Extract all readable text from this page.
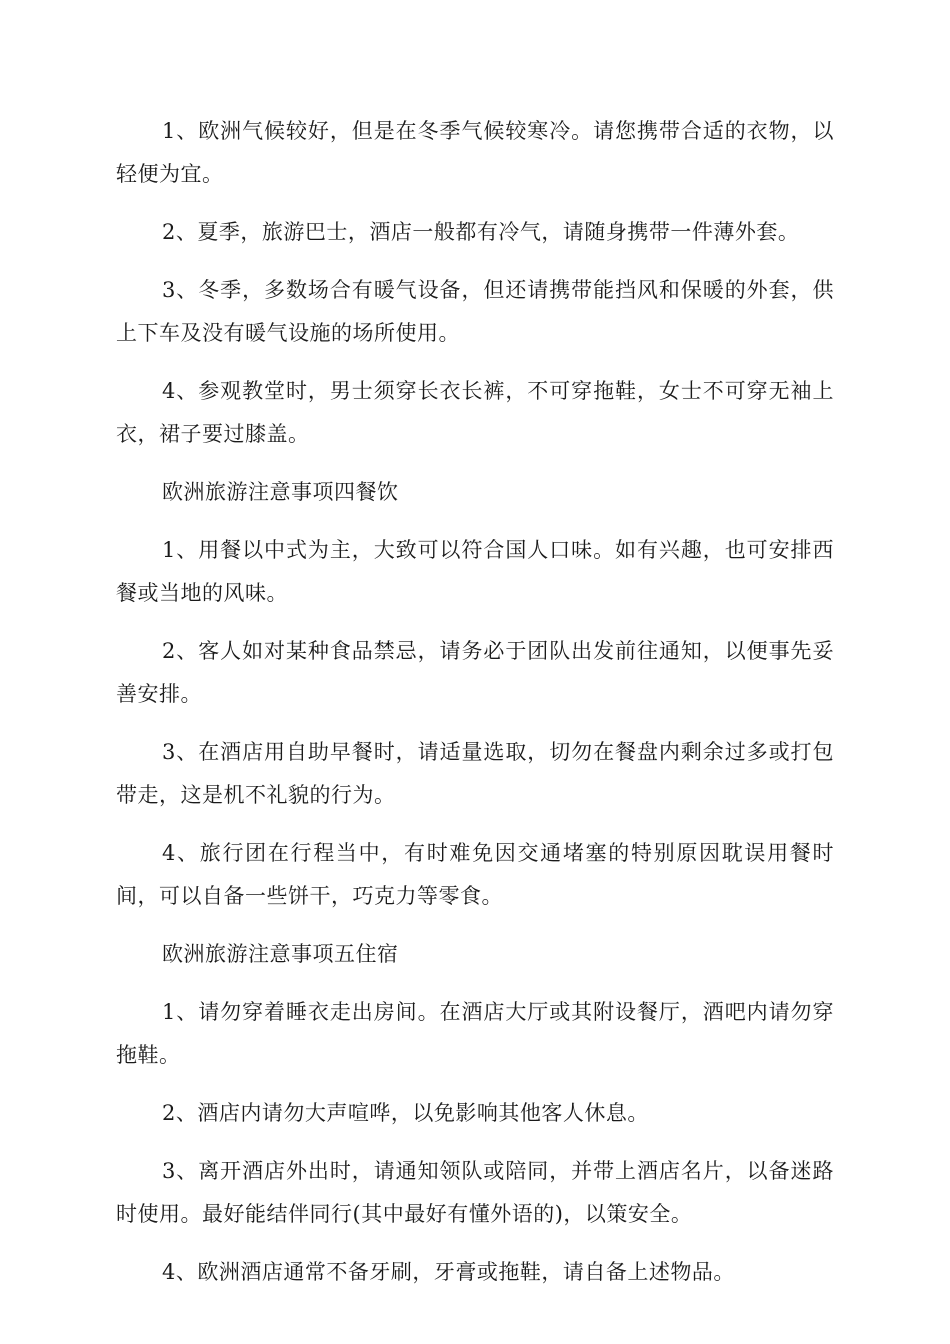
1、欧洲气候较好，但是在冬季气候较寒冷。请您携带合适的衣物，以轻便为宜。

2、夏季，旅游巴士，酒店一般都有冷气，请随身携带一件薄外套。

3、冬季，多数场合有暖气设备，但还请携带能挡风和保暖的外套，供上下车及没有暖气设施的场所使用。

4、参观教堂时，男士须穿长衣长裤，不可穿拖鞋，女士不可穿无袖上衣，裙子要过膝盖。

欧洲旅游注意事项四餐饮

1、用餐以中式为主，大致可以符合国人口味。如有兴趣，也可安排西餐或当地的风味。

2、客人如对某种食品禁忌，请务必于团队出发前往通知，以便事先妥善安排。

3、在酒店用自助早餐时，请适量选取，切勿在餐盘内剩余过多或打包带走，这是机不礼貌的行为。

4、旅行团在行程当中，有时难免因交通堵塞的特别原因耽误用餐时间，可以自备一些饼干，巧克力等零食。

欧洲旅游注意事项五住宿

1、请勿穿着睡衣走出房间。在酒店大厅或其附设餐厅，酒吧内请勿穿拖鞋。

2、酒店内请勿大声喧哗，以免影响其他客人休息。

3、离开酒店外出时，请通知领队或陪同，并带上酒店名片，以备迷路时使用。最好能结伴同行(其中最好有懂外语的)，以策安全。

4、欧洲酒店通常不备牙刷，牙膏或拖鞋，请自备上述物品。
